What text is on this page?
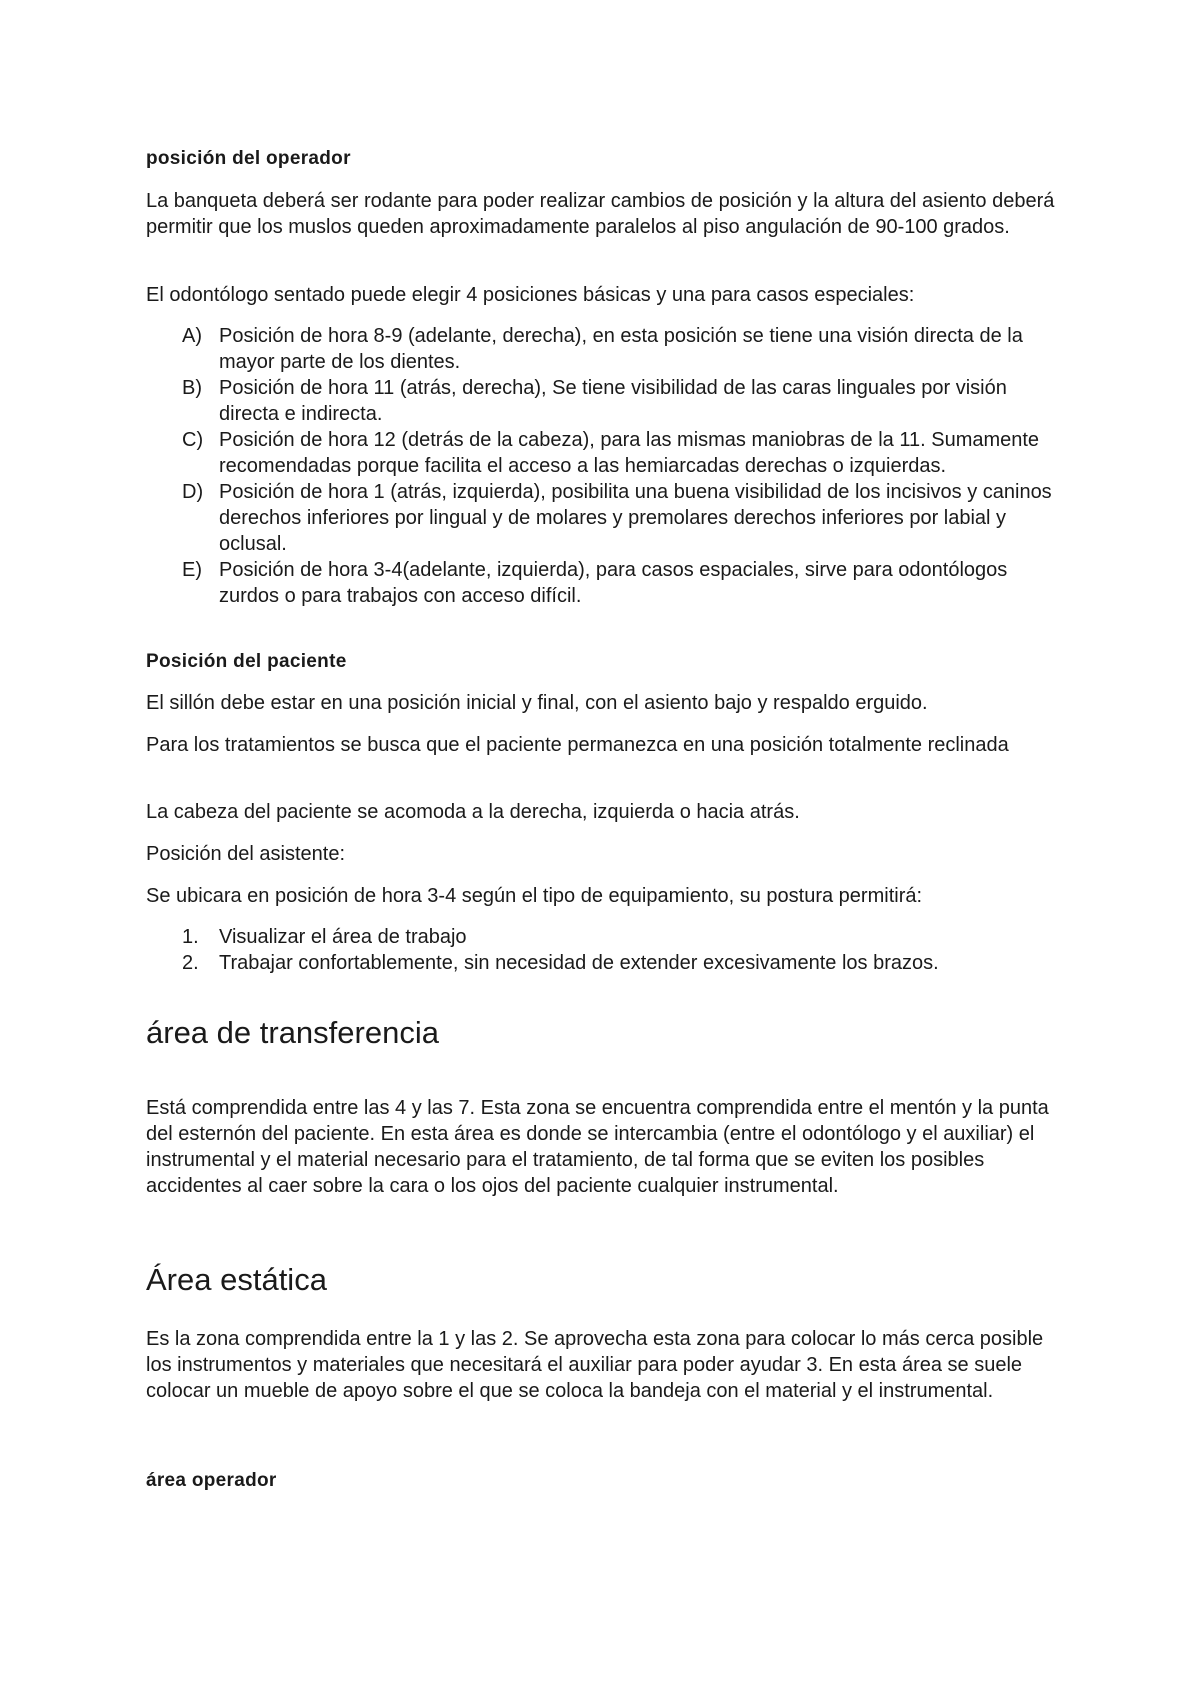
posición del operador

La banqueta deberá ser rodante para poder realizar cambios de posición y la altura del asiento deberá permitir que los muslos queden aproximadamente paralelos al piso angulación de 90-100 grados.

El odontólogo sentado puede elegir 4 posiciones básicas y una para casos especiales:

A) Posición de hora 8-9 (adelante, derecha), en esta posición se tiene una visión directa de la mayor parte de los dientes.
B) Posición de hora 11 (atrás, derecha), Se tiene visibilidad de las caras linguales por visión directa e indirecta.
C) Posición de hora 12 (detrás de la cabeza), para las mismas maniobras de la 11. Sumamente recomendadas porque facilita el acceso a las hemiarcadas derechas o izquierdas.
D) Posición de hora 1 (atrás, izquierda), posibilita una buena visibilidad de los incisivos y caninos derechos inferiores por lingual y de molares y premolares derechos inferiores por labial y oclusal.
E) Posición de hora 3-4(adelante, izquierda), para casos espaciales, sirve para odontólogos zurdos o para trabajos con acceso difícil.
Posición del paciente

El sillón debe estar en una posición inicial y final, con el asiento bajo y respaldo erguido.

Para los tratamientos se busca que el paciente permanezca en una posición totalmente reclinada

La cabeza del paciente se acomoda a la derecha, izquierda o hacia atrás.

Posición del asistente:

Se ubicara en posición de hora 3-4 según el tipo de equipamiento, su postura permitirá:

1. Visualizar el área de trabajo
2. Trabajar confortablemente, sin necesidad de extender excesivamente los brazos.
área de transferencia

Está comprendida entre las 4 y las 7. Esta zona se encuentra comprendida entre el mentón y la punta del esternón del paciente. En esta área es donde se intercambia (entre el odontólogo y el auxiliar) el instrumental y el material necesario para el tratamiento, de tal forma que se eviten los posibles accidentes al caer sobre la cara o los ojos del paciente cualquier instrumental.

Área estática

Es la zona comprendida entre la 1 y las 2. Se aprovecha esta zona para colocar lo más cerca posible los instrumentos y materiales que necesitará el auxiliar para poder ayudar 3. En esta área se suele colocar un mueble de apoyo sobre el que se coloca la bandeja con el material y el instrumental.

área operador
